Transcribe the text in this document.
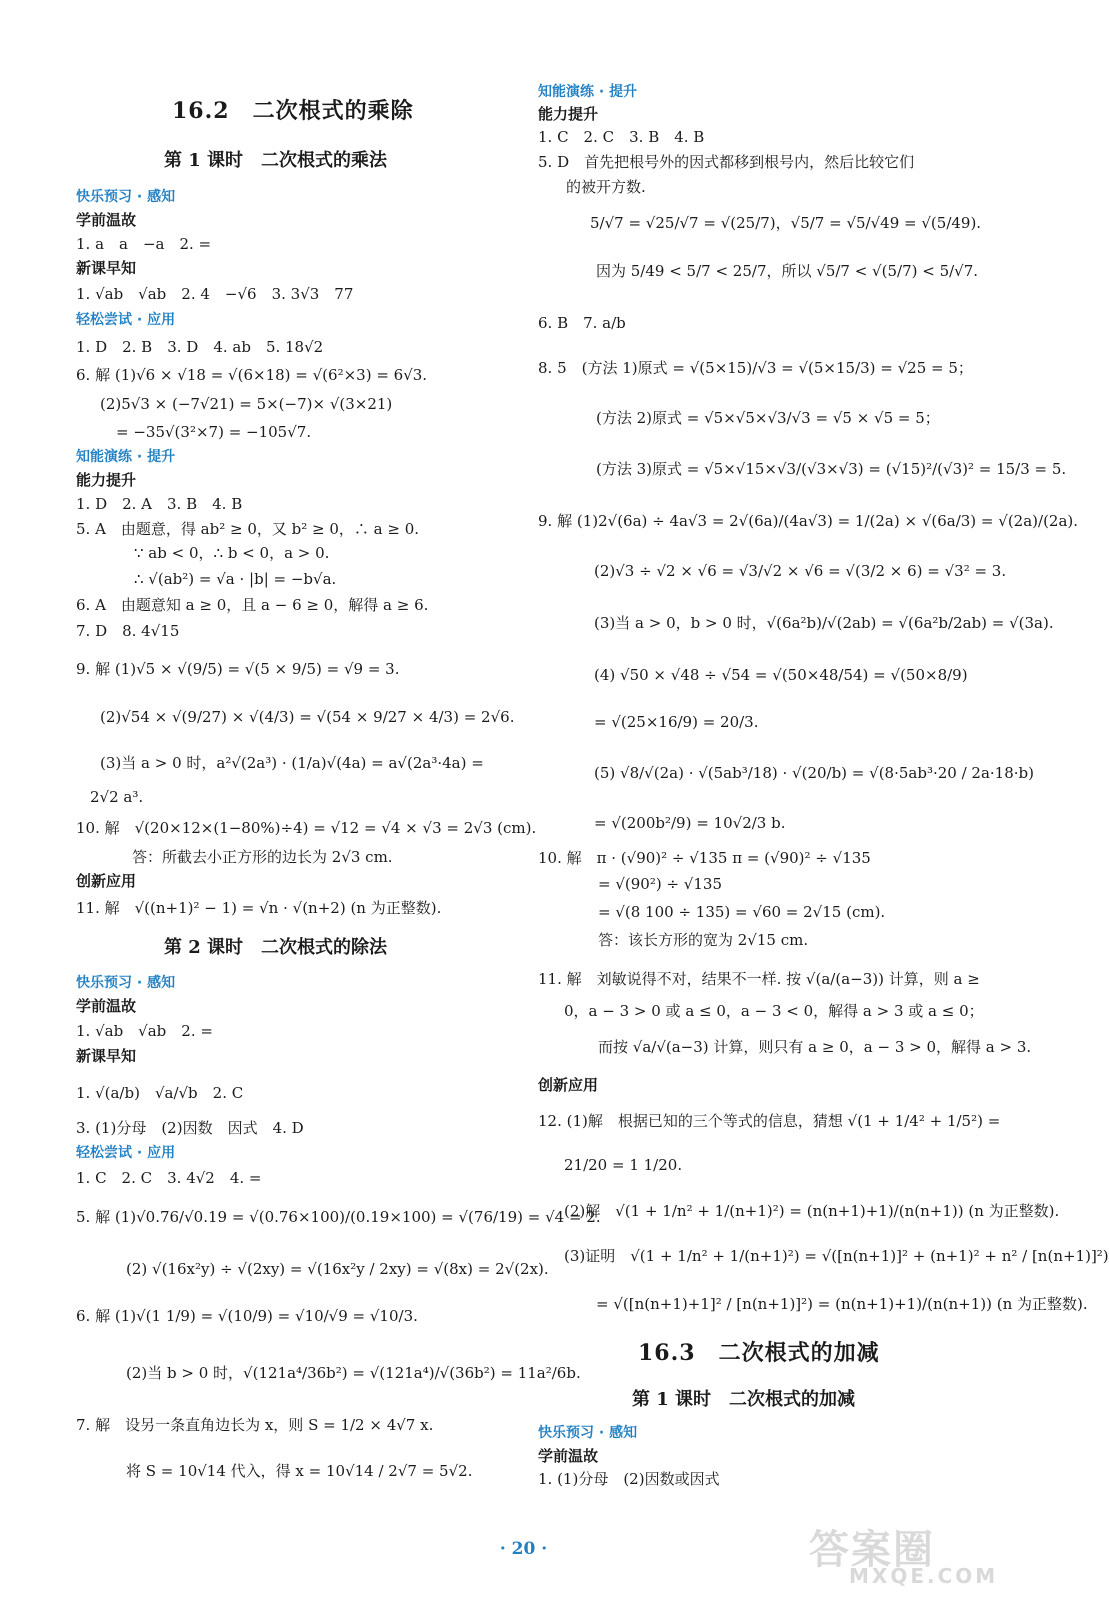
16.2　二次根式的乘除
第 1 课时　二次根式的乘法
快乐预习 · 感知
学前温故
1. a　a　−a　2. =
新课早知
1. √ab　√ab　2. 4　−√6　3. 3√3　77
轻松尝试 · 应用
1. D　2. B　3. D　4. ab　5. 18√2
6. 解 (1)√6 × √18 = √(6×18) = √(6²×3) = 6√3.
(2)5√3 × (−7√21) = 5×(−7)× √(3×21)
= −35√(3²×7) = −105√7.
知能演练 · 提升
能力提升
1. D　2. A　3. B　4. B
5. A　由题意，得 ab² ≥ 0，又 b² ≥ 0，∴ a ≥ 0.
∵ ab < 0，∴ b < 0，a > 0.
∴ √(ab²) = √a · |b| = −b√a.
6. A　由题意知 a ≥ 0，且 a − 6 ≥ 0，解得 a ≥ 6.
7. D　8. 4√15
9. 解 (1)√5 × √(9/5) = √(5 × 9/5) = √9 = 3.
(2)√54 × √(9/27) × √(4/3) = √(54 × 9/27 × 4/3) = 2√6.
(3)当 a > 0 时，a²√(2a³) · (1/a)√(4a) = a√(2a³·4a) =
2√2 a³.
10. 解　√(20×12×(1−80%)÷4) = √12 = √4 × √3 = 2√3 (cm).
答：所截去小正方形的边长为 2√3 cm.
创新应用
11. 解　√((n+1)² − 1) = √n · √(n+2) (n 为正整数).
第 2 课时　二次根式的除法
快乐预习 · 感知
学前温故
1. √ab　√ab　2. =
新课早知
1. √(a/b)　√a/√b　2. C
3. (1)分母　(2)因数　因式　4. D
轻松尝试 · 应用
1. C　2. C　3. 4√2　4. =
5. 解 (1)√0.76/√0.19 = √(0.76×100)/(0.19×100) = √(76/19) = √4 = 2.
(2) √(16x²y) ÷ √(2xy) = √(16x²y / 2xy) = √(8x) = 2√(2x).
6. 解 (1)√(1 1/9) = √(10/9) = √10/√9 = √10/3.
(2)当 b > 0 时，√(121a⁴/36b²) = √(121a⁴)/√(36b²) = 11a²/6b.
7. 解　设另一条直角边长为 x，则 S = 1/2 × 4√7 x.
将 S = 10√14 代入，得 x = 10√14 / 2√7 = 5√2.
知能演练 · 提升
能力提升
1. C　2. C　3. B　4. B
5. D　首先把根号外的因式都移到根号内，然后比较它们
的被开方数.
5/√7 = √25/√7 = √(25/7)，√5/7 = √5/√49 = √(5/49).
因为 5/49 < 5/7 < 25/7，所以 √5/7 < √(5/7) < 5/√7.
6. B　7. a/b
8. 5　(方法 1)原式 = √(5×15)/√3 = √(5×15/3) = √25 = 5；
(方法 2)原式 = √5×√5×√3/√3 = √5 × √5 = 5；
(方法 3)原式 = √5×√15×√3/(√3×√3) = (√15)²/(√3)² = 15/3 = 5.
9. 解 (1)2√(6a) ÷ 4a√3 = 2√(6a)/(4a√3) = 1/(2a) × √(6a/3) = √(2a)/(2a).
(2)√3 ÷ √2 × √6 = √3/√2 × √6 = √(3/2 × 6) = √3² = 3.
(3)当 a > 0，b > 0 时，√(6a²b)/√(2ab) = √(6a²b/2ab) = √(3a).
(4) √50 × √48 ÷ √54 = √(50×48/54) = √(50×8/9)
= √(25×16/9) = 20/3.
(5) √8/√(2a) · √(5ab³/18) · √(20/b) = √(8·5ab³·20 / 2a·18·b)
= √(200b²/9) = 10√2/3 b.
10. 解　π · (√90)² ÷ √135 π = (√90)² ÷ √135
= √(90²) ÷ √135
= √(8 100 ÷ 135) = √60 = 2√15 (cm).
答：该长方形的宽为 2√15 cm.
11. 解　刘敏说得不对，结果不一样. 按 √(a/(a−3)) 计算，则 a ≥
0，a − 3 > 0 或 a ≤ 0，a − 3 < 0，解得 a > 3 或 a ≤ 0；
而按 √a/√(a−3) 计算，则只有 a ≥ 0，a − 3 > 0，解得 a > 3.
创新应用
12. (1)解　根据已知的三个等式的信息，猜想 √(1 + 1/4² + 1/5²) =
21/20 = 1 1/20.
(2)解　√(1 + 1/n² + 1/(n+1)²) = (n(n+1)+1)/(n(n+1)) (n 为正整数).
(3)证明　√(1 + 1/n² + 1/(n+1)²) = √([n(n+1)]² + (n+1)² + n² / [n(n+1)]²)
= √([n(n+1)+1]² / [n(n+1)]²) = (n(n+1)+1)/(n(n+1)) (n 为正整数).
16.3　二次根式的加减
第 1 课时　二次根式的加减
快乐预习 · 感知
学前温故
1. (1)分母　(2)因数或因式
· 20 ·	答案圈
MXQE.COM
